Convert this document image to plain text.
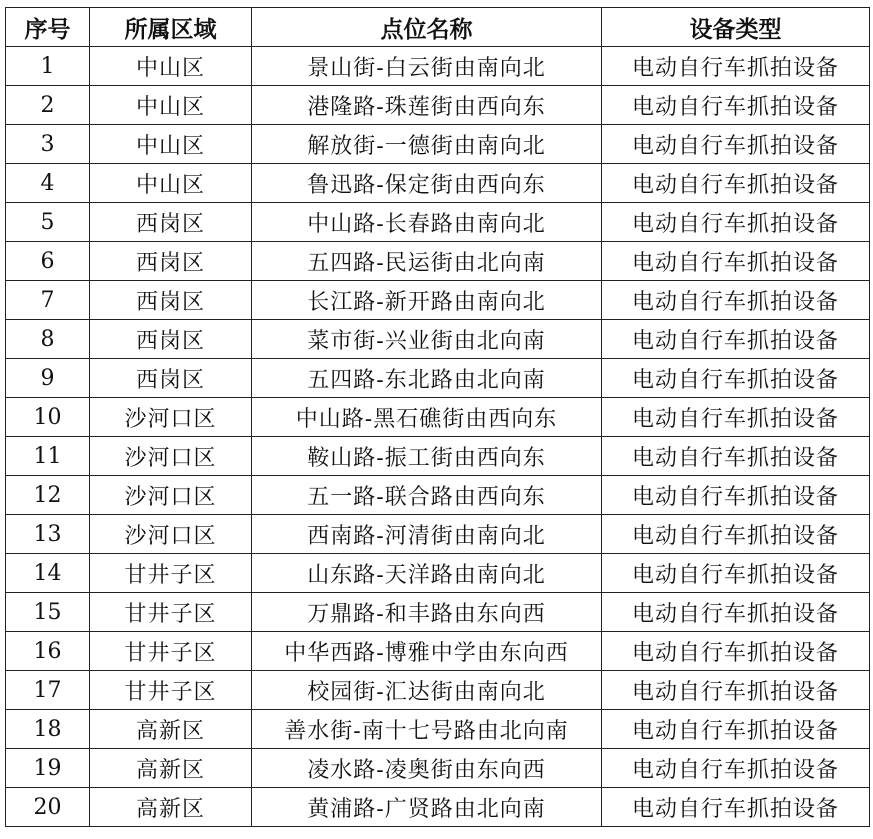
序号	所属区域	点位名称	设备类型
1	中山区	景山街-白云街由南向北	电动自行车抓拍设备
2	中山区	港隆路-珠莲街由西向东	电动自行车抓拍设备
3	中山区	解放街-一德街由南向北	电动自行车抓拍设备
4	中山区	鲁迅路-保定街由西向东	电动自行车抓拍设备
5	西岗区	中山路-长春路由南向北	电动自行车抓拍设备
6	西岗区	五四路-民运街由北向南	电动自行车抓拍设备
7	西岗区	长江路-新开路由南向北	电动自行车抓拍设备
8	西岗区	菜市街-兴业街由北向南	电动自行车抓拍设备
9	西岗区	五四路-东北路由北向南	电动自行车抓拍设备
10	沙河口区	中山路-黑石礁街由西向东	电动自行车抓拍设备
11	沙河口区	鞍山路-振工街由西向东	电动自行车抓拍设备
12	沙河口区	五一路-联合路由西向东	电动自行车抓拍设备
13	沙河口区	西南路-河清街由南向北	电动自行车抓拍设备
14	甘井子区	山东路-天洋路由南向北	电动自行车抓拍设备
15	甘井子区	万鼎路-和丰路由东向西	电动自行车抓拍设备
16	甘井子区	中华西路-博雅中学由东向西	电动自行车抓拍设备
17	甘井子区	校园街-汇达街由南向北	电动自行车抓拍设备
18	高新区	善水街-南十七号路由北向南	电动自行车抓拍设备
19	高新区	凌水路-凌奥街由东向西	电动自行车抓拍设备
20	高新区	黄浦路-广贤路由北向南	电动自行车抓拍设备
